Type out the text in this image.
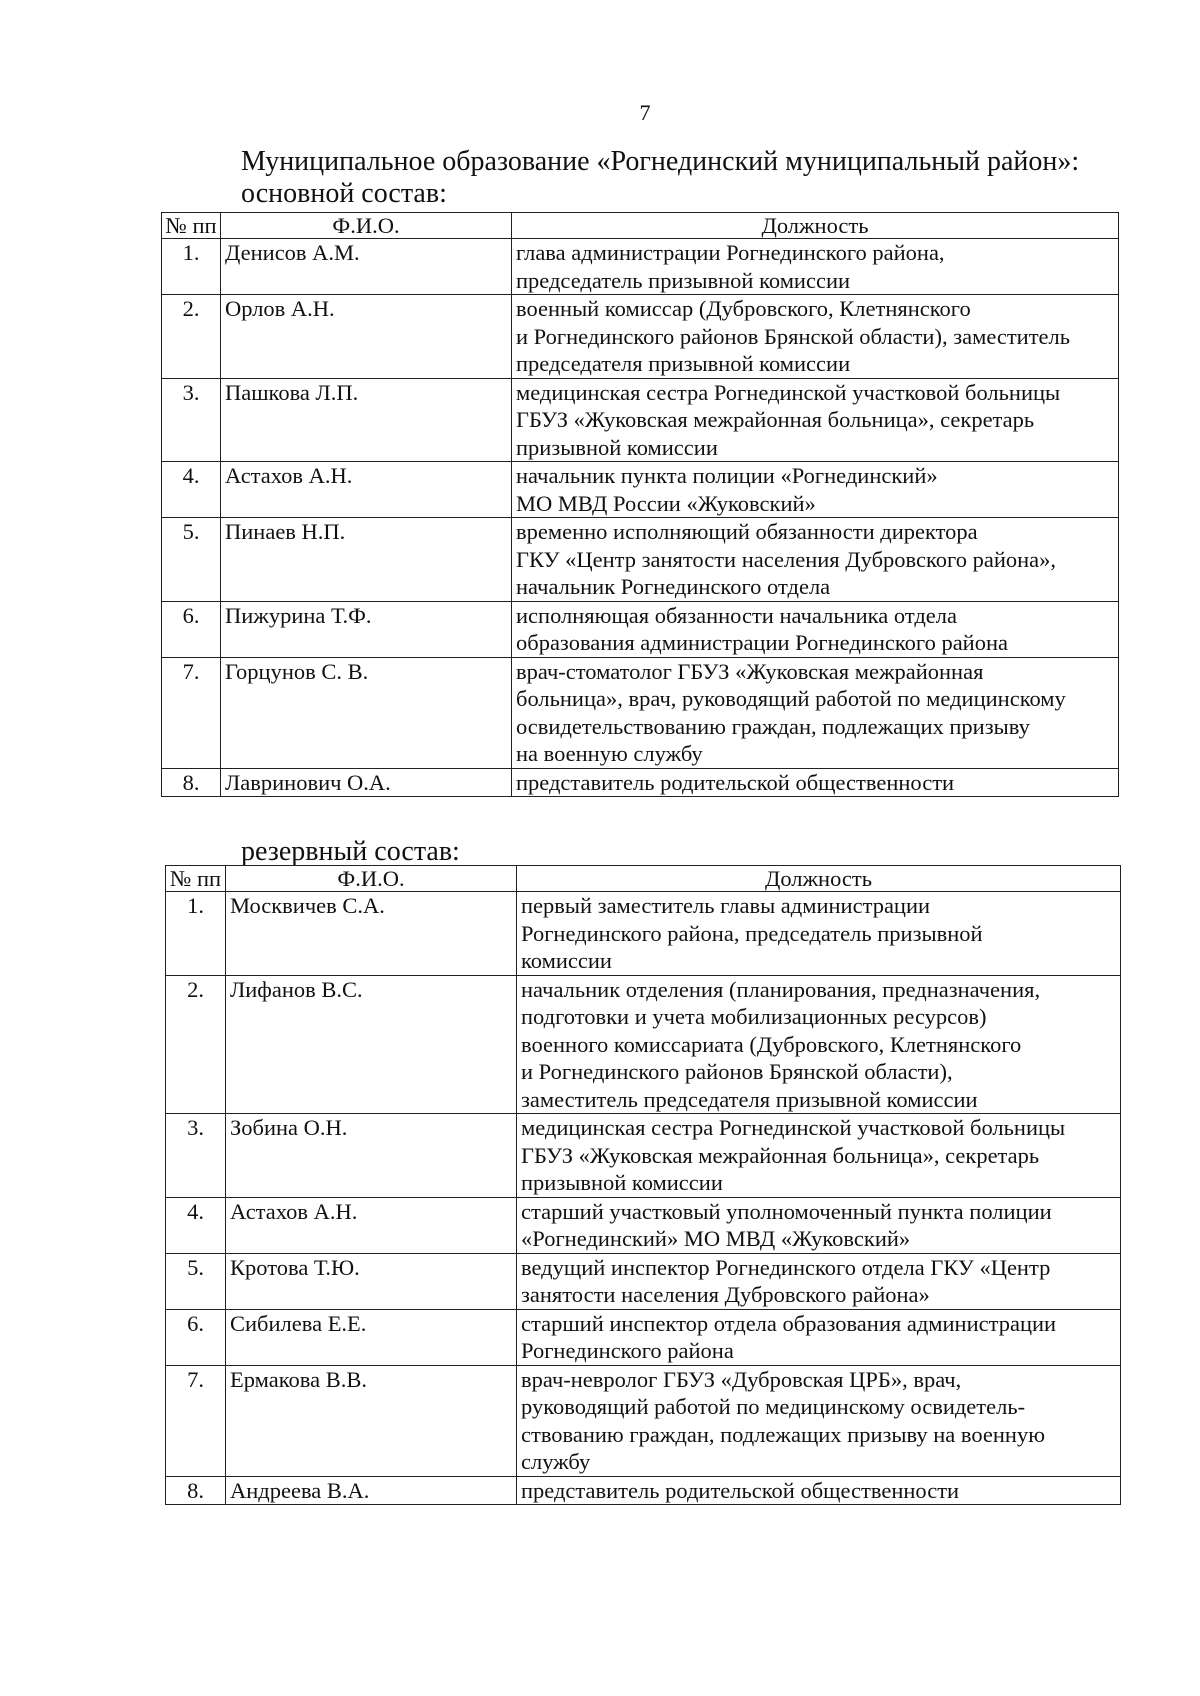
7
Муниципальное образование «Рогнединский муниципальный район»:
основной состав:
№ пп	Ф.И.О.	Должность
1.	Денисов А.М.	глава администрации Рогнединского района,
председатель призывной комиссии

2.	Орлов А.Н.	военный комиссар (Дубровского, Клетнянского
и Рогнединского районов Брянской области), заместитель
председателя призывной комиссии

3.	Пашкова Л.П.	медицинская сестра Рогнединской участковой больницы
ГБУЗ «Жуковская межрайонная больница», секретарь
призывной комиссии

4.	Астахов А.Н.	начальник пункта полиции «Рогнединский»
МО МВД России «Жуковский»

5.	Пинаев Н.П.	временно исполняющий обязанности директора
ГКУ «Центр занятости населения Дубровского района»,
начальник Рогнединского отдела

6.	Пижурина Т.Ф.	исполняющая обязанности начальника отдела
образования администрации Рогнединского района

7.	Горцунов С. В.	врач-стоматолог ГБУЗ «Жуковская межрайонная
больница», врач, руководящий работой по медицинскому
освидетельствованию граждан, подлежащих призыву
на военную службу

8.	Лавринович О.А.	представитель родительской общественности
резервный состав:
№ пп	Ф.И.О.	Должность
1.	Москвичев С.А.	первый заместитель главы администрации
Рогнединского района, председатель призывной
комиссии

2.	Лифанов В.С.	начальник отделения (планирования, предназначения,
подготовки и учета мобилизационных ресурсов)
военного комиссариата (Дубровского, Клетнянского
и Рогнединского районов Брянской области),
заместитель председателя призывной комиссии

3.	Зобина О.Н.	медицинская сестра Рогнединской участковой больницы
ГБУЗ «Жуковская межрайонная больница», секретарь
призывной комиссии

4.	Астахов А.Н.	старший участковый уполномоченный пункта полиции
«Рогнединский» МО МВД «Жуковский»

5.	Кротова Т.Ю.	ведущий инспектор Рогнединского отдела ГКУ «Центр
занятости населения Дубровского района»

6.	Сибилева Е.Е.	старший инспектор отдела образования администрации
Рогнединского района

7.	Ермакова В.В.	врач-невролог ГБУЗ «Дубровская ЦРБ», врач,
руководящий работой по медицинскому освидетель-
ствованию граждан, подлежащих призыву на военную
службу

8.	Андреева В.А.	представитель родительской общественности
